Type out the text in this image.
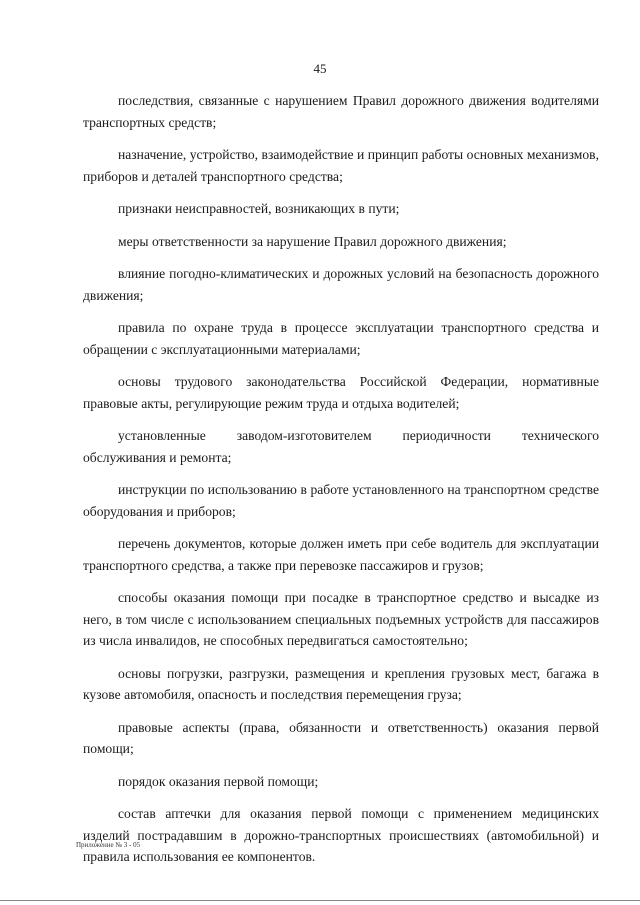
45

последствия, связанные с нарушением Правил дорожного движения водителями транспортных средств;

назначение, устройство, взаимодействие и принцип работы основных механизмов, приборов и деталей транспортного средства;

признаки неисправностей, возникающих в пути;

меры ответственности за нарушение Правил дорожного движения;

влияние погодно-климатических и дорожных условий на безопасность дорожного движения;

правила по охране труда в процессе эксплуатации транспортного средства и обращении с эксплуатационными материалами;

основы трудового законодательства Российской Федерации, нормативные правовые акты, регулирующие режим труда и отдыха водителей;

установленные заводом-изготовителем периодичности технического обслуживания и ремонта;

инструкции по использованию в работе установленного на транспортном средстве оборудования и приборов;

перечень документов, которые должен иметь при себе водитель для эксплуатации транспортного средства, а также при перевозке пассажиров и грузов;

способы оказания помощи при посадке в транспортное средство и высадке из него, в том числе с использованием специальных подъемных устройств для пассажиров из числа инвалидов, не способных передвигаться самостоятельно;

основы погрузки, разгрузки, размещения и крепления грузовых мест, багажа в кузове автомобиля, опасность и последствия перемещения груза;

правовые аспекты (права, обязанности и ответственность) оказания первой помощи;

порядок оказания первой помощи;

состав аптечки для оказания первой помощи с применением медицинских изделий пострадавшим в дорожно-транспортных происшествиях (автомобильной) и правила использования ее компонентов.

Приложение № 3 - 05
